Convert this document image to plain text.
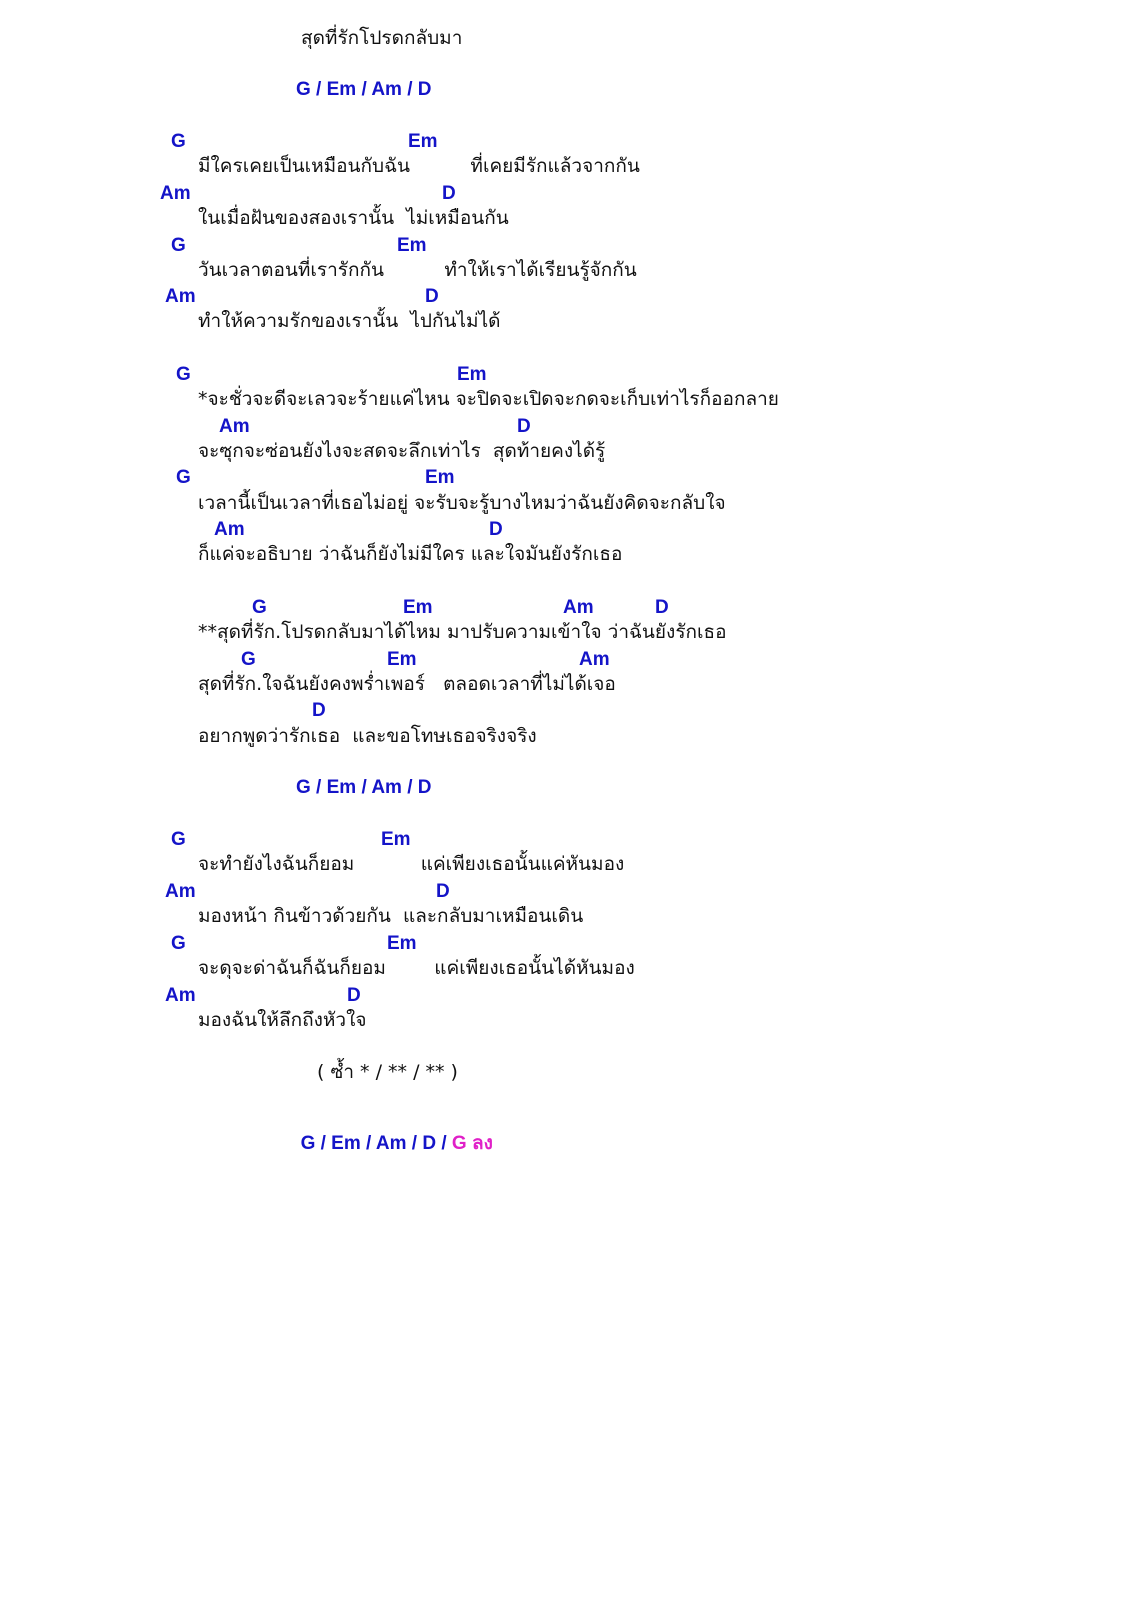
สุดที่รักโปรดกลับมา
G / Em / Am / D
G	Em
มีใครเคยเป็นเหมือนกับฉัน          ที่เคยมีรักแล้วจากกัน
Am	D
ในเมื่อฝันของสองเรานั้น  ไม่เหมือนกัน
G	Em
วันเวลาตอนที่เรารักกัน          ทำให้เราได้เรียนรู้จักกัน
Am	D
ทำให้ความรักของเรานั้น  ไปกันไม่ได้
G	Em
*จะชั่วจะดีจะเลวจะร้ายแค่ไหน จะปิดจะเปิดจะกดจะเก็บเท่าไรก็ออกลาย
Am	D
จะซุกจะซ่อนยังไงจะสดจะลึกเท่าไร  สุดท้ายคงได้รู้
G	Em
เวลานี้เป็นเวลาที่เธอไม่อยู่ จะรับจะรู้บางไหมว่าฉันยังคิดจะกลับใจ
Am	D
ก็แค่จะอธิบาย ว่าฉันก็ยังไม่มีใคร และใจมันยังรักเธอ
G	Em	Am	D
**สุดที่รัก.โปรดกลับมาได้ไหม มาปรับความเข้าใจ ว่าฉันยังรักเธอ
G	Em	Am
สุดที่รัก.ใจฉันยังคงพร่ำเพอร์   ตลอดเวลาที่ไม่ได้เจอ
D
อยากพูดว่ารักเธอ  และขอโทษเธอจริงจริง
G / Em / Am / D
G	Em
จะทำยังไงฉันก็ยอม           แค่เพียงเธอนั้นแค่หันมอง
Am	D
มองหน้า กินข้าวด้วยกัน  และกลับมาเหมือนเดิน
G	Em
จะดุจะด่าฉันก็ฉันก็ยอม        แค่เพียงเธอนั้นได้หันมอง
Am	D
มองฉันให้ลึกถึงหัวใจ
( ซ้ำ * / ** / ** )

G / Em / Am / D / G ลง
